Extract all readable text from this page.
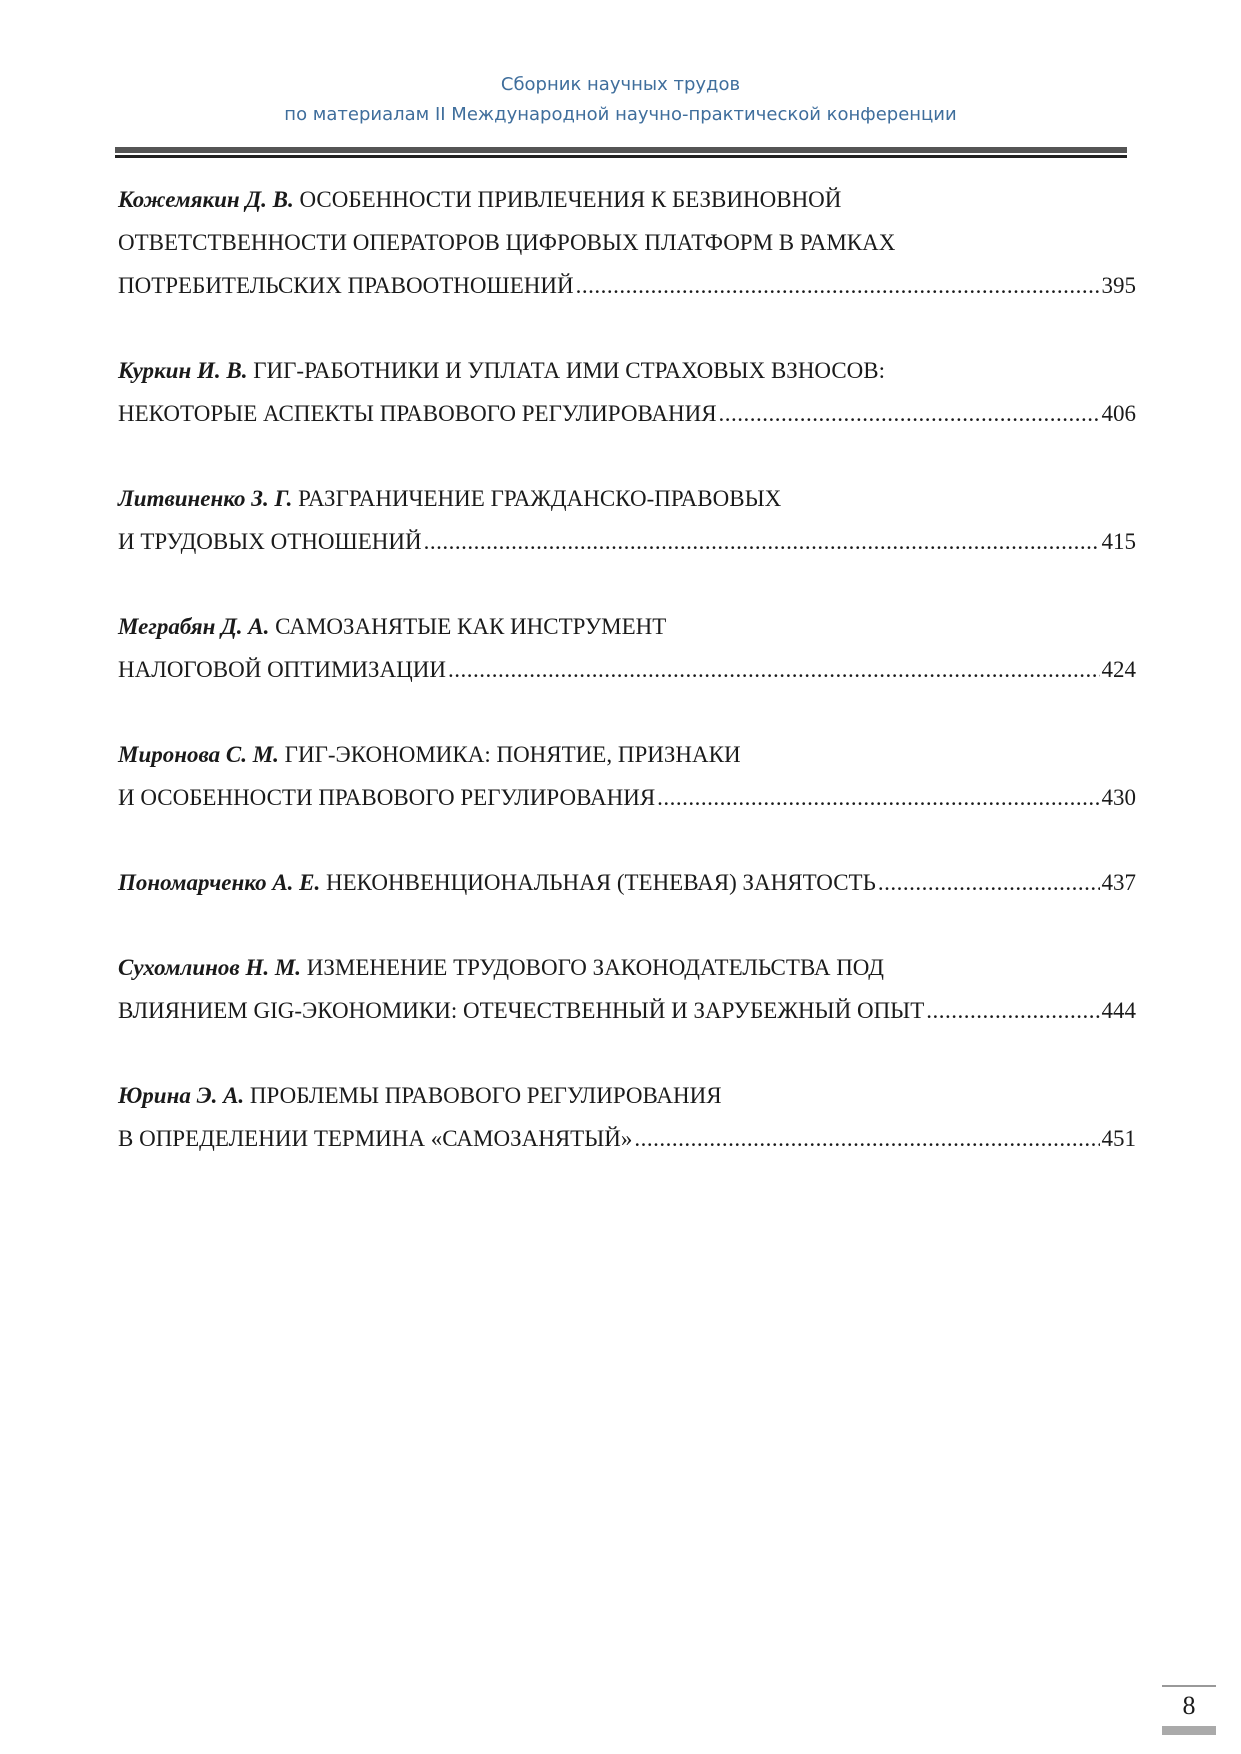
Сборник научных трудов
по материалам II Международной научно-практической конференции
Кожемякин Д. В. ОСОБЕННОСТИ ПРИВЛЕЧЕНИЯ К БЕЗВИНОВНОЙ
ОТВЕТСТВЕННОСТИ ОПЕРАТОРОВ ЦИФРОВЫХ ПЛАТФОРМ В РАМКАХ
ПОТРЕБИТЕЛЬСКИХ ПРАВООТНОШЕНИЙ .....	395
Куркин И. В. ГИГ-РАБОТНИКИ И УПЛАТА ИМИ СТРАХОВЫХ ВЗНОСОВ:
НЕКОТОРЫЕ АСПЕКТЫ ПРАВОВОГО РЕГУЛИРОВАНИЯ .....	406
Литвиненко З. Г. РАЗГРАНИЧЕНИЕ ГРАЖДАНСКО-ПРАВОВЫХ
И ТРУДОВЫХ ОТНОШЕНИЙ .....	415
Меграбян Д. А. САМОЗАНЯТЫЕ КАК ИНСТРУМЕНТ
НАЛОГОВОЙ ОПТИМИЗАЦИИ .....	424
Миронова С. М. ГИГ-ЭКОНОМИКА: ПОНЯТИЕ, ПРИЗНАКИ
И ОСОБЕННОСТИ ПРАВОВОГО РЕГУЛИРОВАНИЯ .....	430
Пономарченко А. Е. НЕКОНВЕНЦИОНАЛЬНАЯ (ТЕНЕВАЯ) ЗАНЯТОСТЬ .....	437
Сухомлинов Н. М. ИЗМЕНЕНИЕ ТРУДОВОГО ЗАКОНОДАТЕЛЬСТВА ПОД
ВЛИЯНИЕМ GIG-ЭКОНОМИКИ: ОТЕЧЕСТВЕННЫЙ И ЗАРУБЕЖНЫЙ ОПЫТ .....	444
Юрина Э. А. ПРОБЛЕМЫ ПРАВОВОГО РЕГУЛИРОВАНИЯ
В ОПРЕДЕЛЕНИИ ТЕРМИНА «САМОЗАНЯТЫЙ» .....	451
8
